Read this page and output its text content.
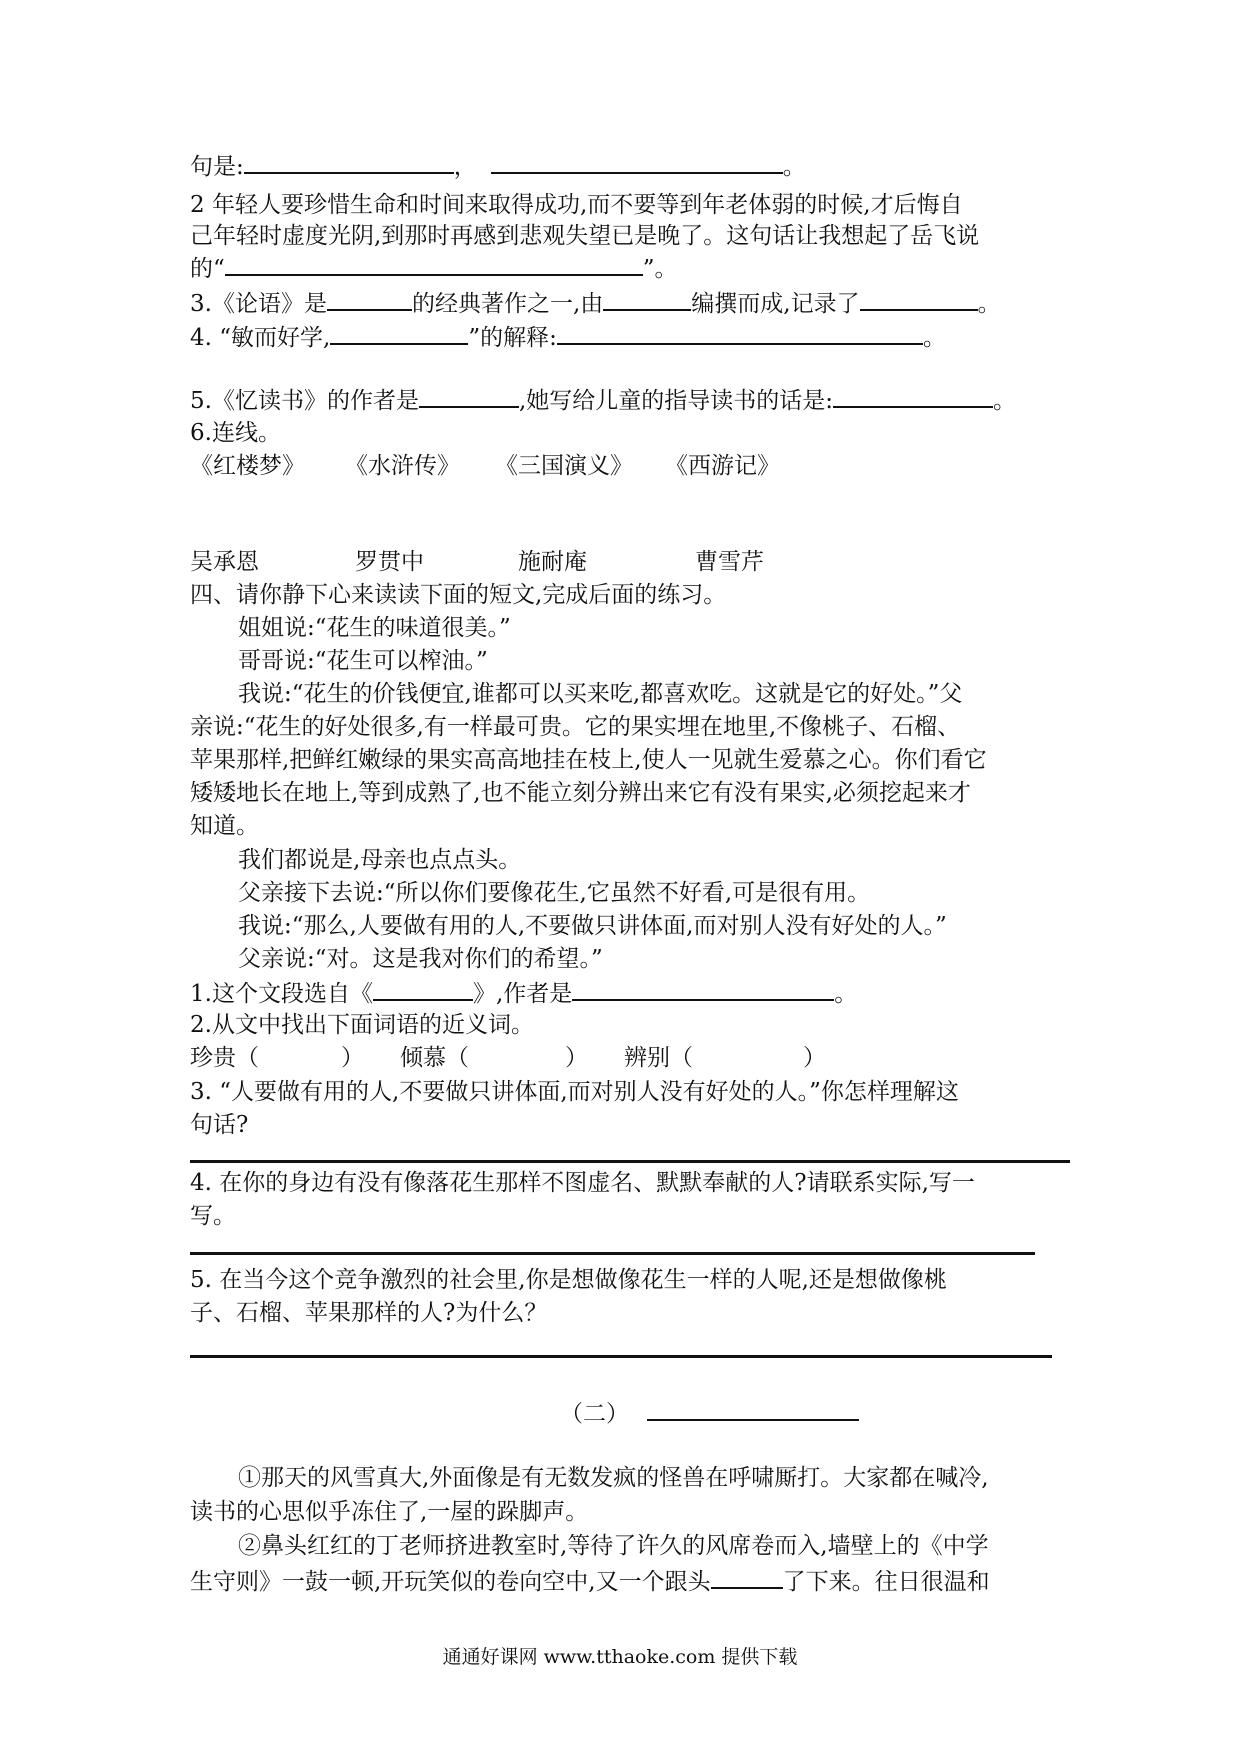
句是:	，	。
2 年轻人要珍惜生命和时间来取得成功,而不要等到年老体弱的时候,才后悔自
己年轻时虚度光阴,到那时再感到悲观失望已是晚了。这句话让我想起了岳飞说
的“	”。
3.《论语》是	的经典著作之一,由	编撰而成,记录了	。
4. “敏而好学,	”的解释:	。
5.《忆读书》的作者是	,她写给儿童的指导读书的话是:	。
6.连线。
《红楼梦》 《水浒传》 《三国演义》 《西游记》
吴承恩	罗贯中	施耐庵	曹雪芹
四、请你静下心来读读下面的短文,完成后面的练习。
姐姐说:“花生的味道很美。”
哥哥说:“花生可以榨油。”
我说:“花生的价钱便宜,谁都可以买来吃,都喜欢吃。这就是它的好处。”父
亲说:“花生的好处很多,有一样最可贵。它的果实埋在地里,不像桃子、石榴、
苹果那样,把鲜红嫩绿的果实高高地挂在枝上,使人一见就生爱慕之心。你们看它
矮矮地长在地上,等到成熟了,也不能立刻分辨出来它有没有果实,必须挖起来才
知道。
我们都说是,母亲也点点头。
父亲接下去说:“所以你们要像花生,它虽然不好看,可是很有用。
我说:“那么,人要做有用的人,不要做只讲体面,而对别人没有好处的人。”
父亲说:“对。这是我对你们的希望。”
1.这个文段选自《	》,作者是	。
2.从文中找出下面词语的近义词。
珍贵（	） 倾慕（	） 辨别（	）
3. “人要做有用的人,不要做只讲体面,而对别人没有好处的人。”你怎样理解这
句话?
4. 在你的身边有没有像落花生那样不图虚名、默默奉献的人?请联系实际,写一
写。
5. 在当今这个竞争激烈的社会里,你是想做像花生一样的人呢,还是想做像桃
子、石榴、苹果那样的人?为什么？
（二）
①那天的风雪真大,外面像是有无数发疯的怪兽在呼啸厮打。大家都在喊冷,
读书的心思似乎冻住了,一屋的跺脚声。
②鼻头红红的丁老师挤进教室时,等待了许久的风席卷而入,墙壁上的《中学
生守则》一鼓一顿,开玩笑似的卷向空中,又一个跟头	了下来。往日很温和
通通好课网 www.tthaoke.com 提供下载
